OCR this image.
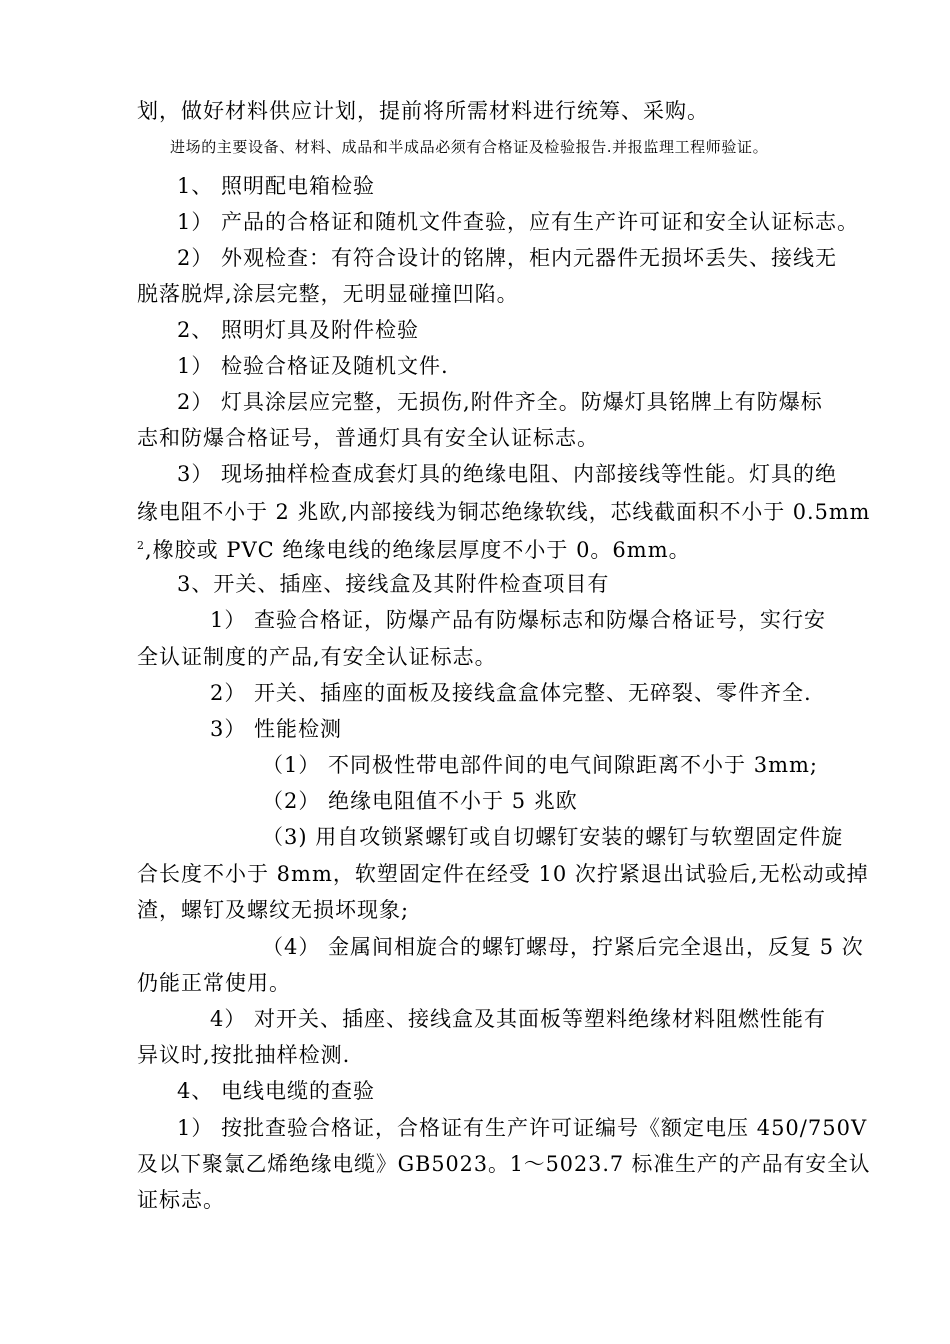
划，做好材料供应计划，提前将所需材料进行统筹、采购。
进场的主要设备、材料、成品和半成品必须有合格证及检验报告.并报监理工程师验证。
1、 照明配电箱检验
1） 产品的合格证和随机文件查验，应有生产许可证和安全认证标志。
2） 外观检查：有符合设计的铭牌，柜内元器件无损坏丢失、接线无
脱落脱焊,涂层完整，无明显碰撞凹陷。
2、 照明灯具及附件检验
1） 检验合格证及随机文件.
2） 灯具涂层应完整，无损伤,附件齐全。防爆灯具铭牌上有防爆标
志和防爆合格证号，普通灯具有安全认证标志。
3） 现场抽样检查成套灯具的绝缘电阻、内部接线等性能。灯具的绝
缘电阻不小于 2 兆欧,内部接线为铜芯绝缘软线，芯线截面积不小于 0.5mm
$^2$,橡胶或 PVC 绝缘电线的绝缘层厚度不小于 0。6mm。
3、开关、插座、接线盒及其附件检查项目有
1） 查验合格证，防爆产品有防爆标志和防爆合格证号，实行安
全认证制度的产品,有安全认证标志。
2） 开关、插座的面板及接线盒盒体完整、无碎裂、零件齐全.
3） 性能检测
（1） 不同极性带电部件间的电气间隙距离不小于 3mm;
（2） 绝缘电阻值不小于 5 兆欧
（3) 用自攻锁紧螺钉或自切螺钉安装的螺钉与软塑固定件旋
合长度不小于 8mm，软塑固定件在经受 10 次拧紧退出试验后,无松动或掉
渣，螺钉及螺纹无损坏现象;
（4） 金属间相旋合的螺钉螺母，拧紧后完全退出，反复 5 次
仍能正常使用。
4） 对开关、插座、接线盒及其面板等塑料绝缘材料阻燃性能有
异议时,按批抽样检测.
4、 电线电缆的查验
1） 按批查验合格证，合格证有生产许可证编号《额定电压 450/750V
及以下聚氯乙烯绝缘电缆》GB5023。1～5023.7 标准生产的产品有安全认
证标志。
